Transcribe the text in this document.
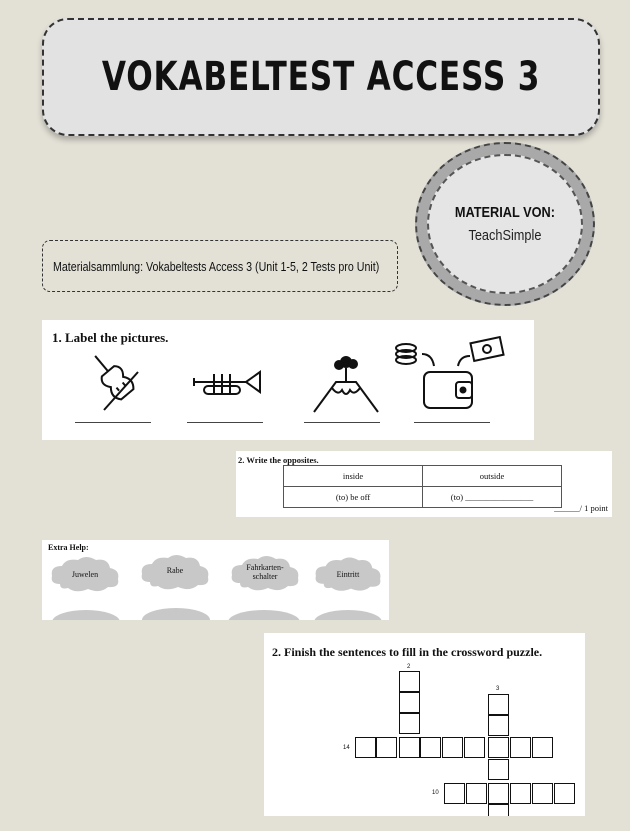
VOKABELTEST ACCESS 3
MATERIAL VON:
TeachSimple
Materialsammlung: Vokabeltests Access 3 (Unit 1-5, 2 Tests pro Unit)
1. Label the pictures.
2. Write the opposites.
inside	outside
(to) be off	(to) ________________
______/ 1 point
Extra Help:
Juwelen	Rabe	Fahrkarten-
schalter	Eintritt
2. Finish the sentences to fill in the crossword puzzle.
2
3
14
10
